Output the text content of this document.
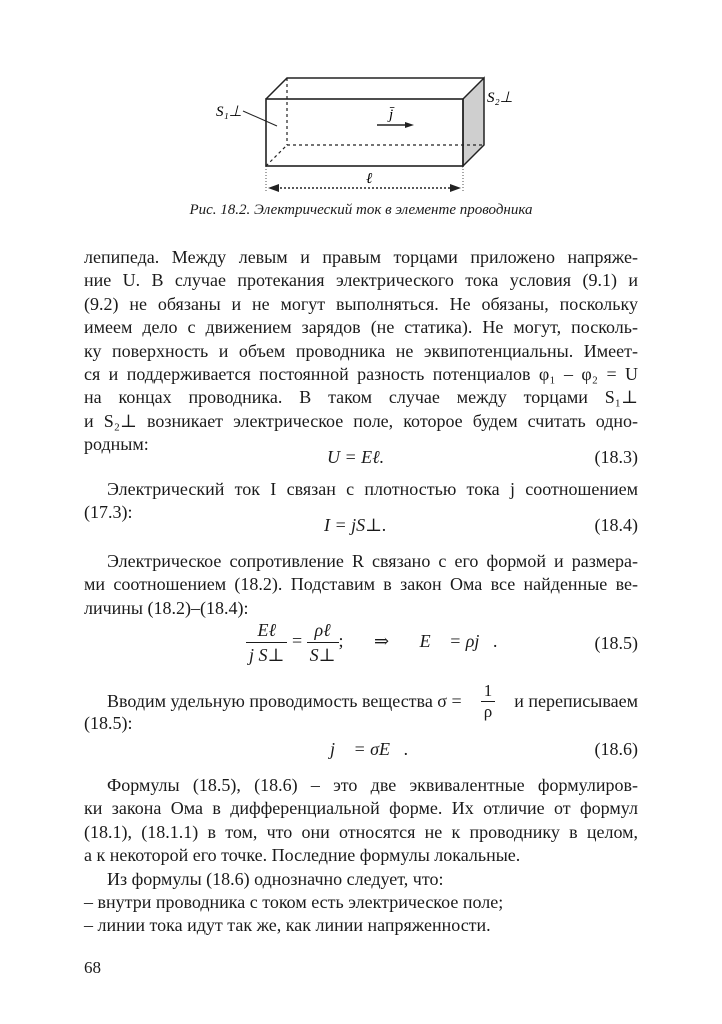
S₁⊥
S₂⊥
j̄
ℓ
Рис. 18.2. Электрический ток в элементе проводника
лепипеда. Между левым и правым торцами приложено напряже-
ние U. В случае протекания электрического тока условия (9.1) и
(9.2) не обязаны и не могут выполняться. Не обязаны, поскольку
имеем дело с движением зарядов (не статика). Не могут, посколь-
ку поверхность и объем проводника не эквипотенциальны. Имеет-
ся и поддерживается постоянной разность потенциалов φ₁ – φ₂ = U
на концах проводника. В таком случае между торцами S₁⊥
и S₂⊥ возникает электрическое поле, которое будем считать одно-
родным:
U = Eℓ.	(18.3)
Электрический ток I связан с плотностью тока j соотношением
(17.3):
I = jS⊥.	(18.4)
Электрическое сопротивление R связано с его формой и размера-
ми соотношением (18.2). Подставим в закон Ома все найденные ве-
личины (18.2)–(18.4):
$\frac{\text{Eℓ}}{\text{j S⊥}} = \frac{\text{ρℓ}}{S\perp}$ ; ⇒ E⃗ = ρj⃗.	(18.5)
Вводим удельную проводимость вещества $\sigma = \frac{1}{\rho}$ и переписываем
(18.5):
j⃗ = σE⃗.	(18.6)
Формулы (18.5), (18.6) – это две эквивалентные формулиров-
ки закона Ома в дифференциальной форме. Их отличие от формул
(18.1), (18.1.1) в том, что они относятся не к проводнику в целом,
а к некоторой его точке. Последние формулы локальные.
Из формулы (18.6) однозначно следует, что:
– внутри проводника с током есть электрическое поле;
– линии тока идут так же, как линии напряженности.
68
